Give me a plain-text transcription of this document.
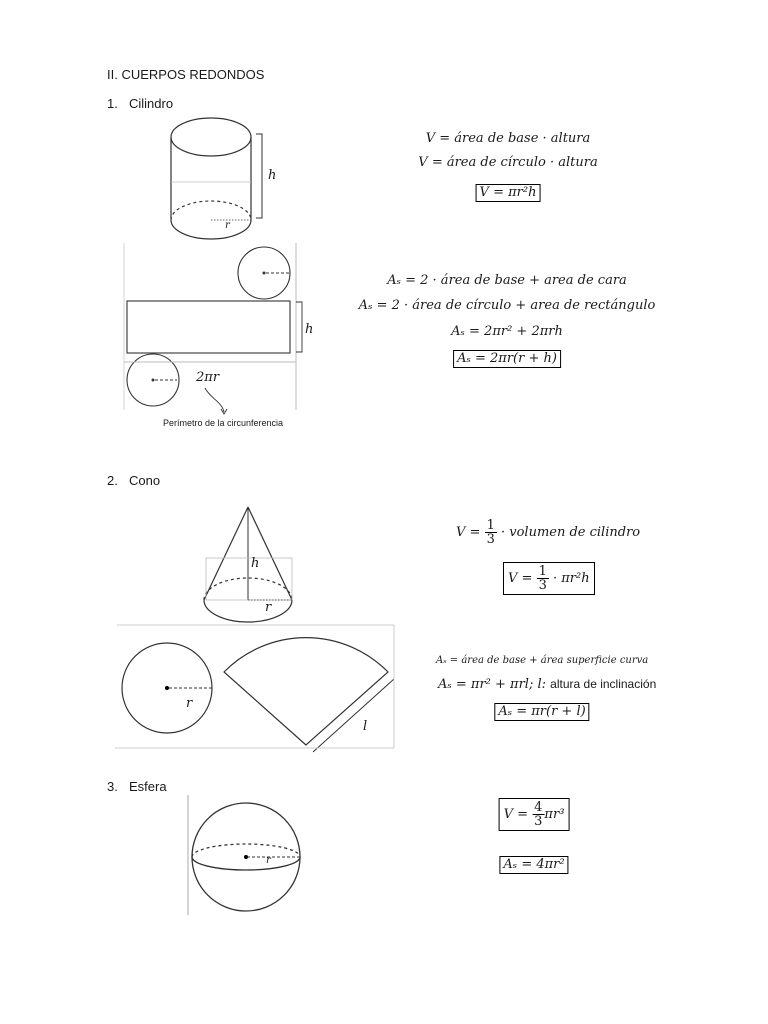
II. CUERPOS REDONDOS
1. Cilindro
2. Cono
3. Esfera
h
r
h
2πr
Perímetro de la circunferencia
h
r
r
l
r
V = área de base · altura
V = área de círculo · altura
V = πr²h
Aₛ = 2 · área de base + area de cara
Aₛ = 2 · área de círculo + area de rectángulo
Aₛ = 2πr² + 2πrh
Aₛ = 2πr(r + h)
$V = \frac{1}{3}$ · volumen de cilindro
$V = \frac{1}{3} \cdot \pi r^2h$
Aₛ = área de base + área superficie curva
Aₛ = πr² + πrl; l: altura de inclinación
Aₛ = πr(r + l)
$V = \frac{4}{3} \pi r^3$
Aₛ = 4πr²
